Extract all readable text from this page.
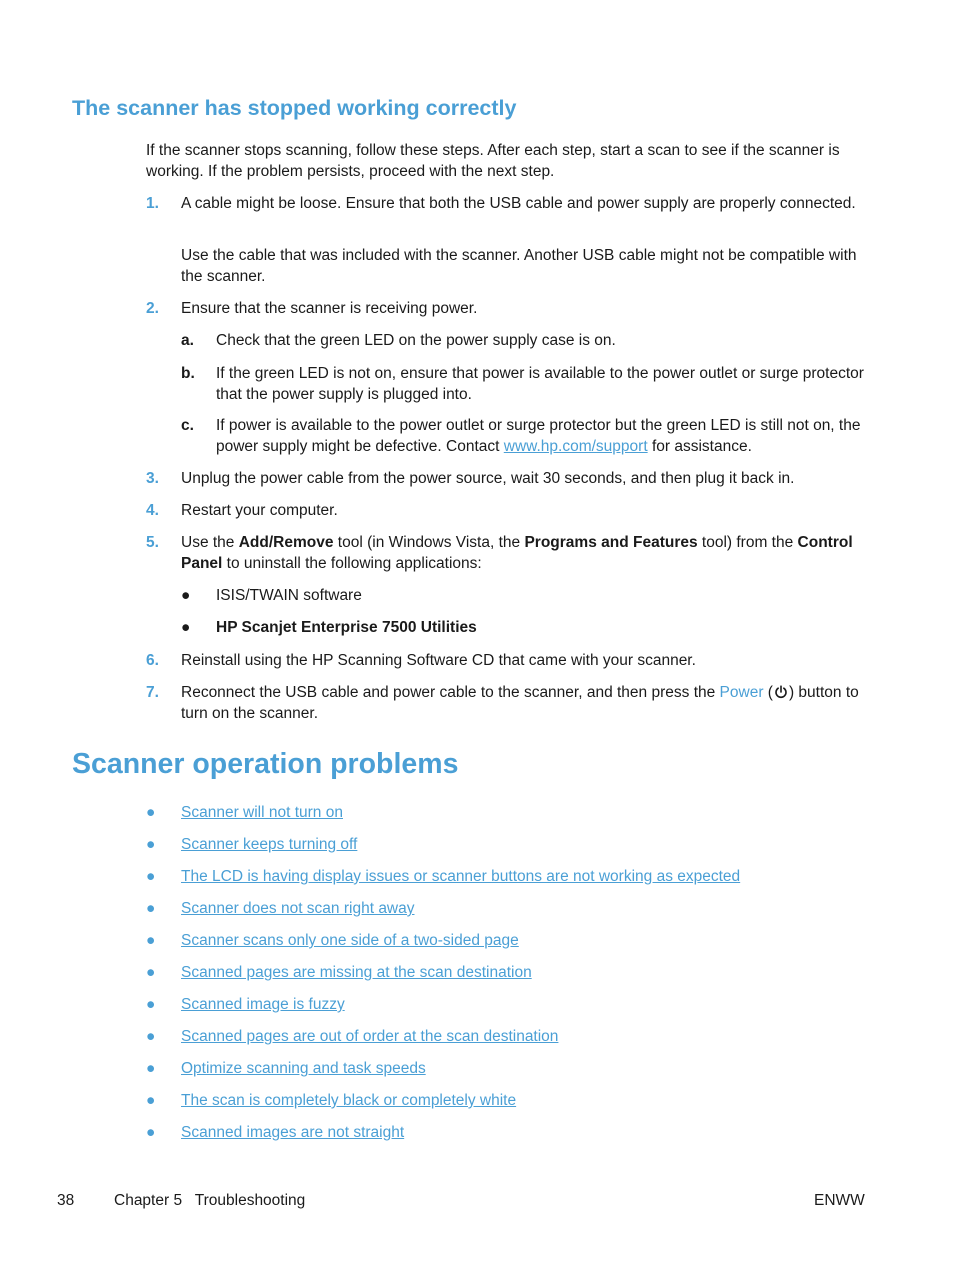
The scanner has stopped working correctly

If the scanner stops scanning, follow these steps. After each step, start a scan to see if the scanner is working. If the problem persists, proceed with the next step.

1. A cable might be loose. Ensure that both the USB cable and power supply are properly connected.

Use the cable that was included with the scanner. Another USB cable might not be compatible with the scanner.

2. Ensure that the scanner is receiving power.
a. Check that the green LED on the power supply case is on.
b. If the green LED is not on, ensure that power is available to the power outlet or surge protector that the power supply is plugged into.
c. If power is available to the power outlet or surge protector but the green LED is still not on, the power supply might be defective. Contact www.hp.com/support for assistance.
3. Unplug the power cable from the power source, wait 30 seconds, and then plug it back in.
4. Restart your computer.
5. Use the Add/Remove tool (in Windows Vista, the Programs and Features tool) from the Control Panel to uninstall the following applications:
● ISIS/TWAIN software
● HP Scanjet Enterprise 7500 Utilities
6. Reinstall using the HP Scanning Software CD that came with your scanner.
7. Reconnect the USB cable and power cable to the scanner, and then press the Power ( ) button to turn on the scanner.
Scanner operation problems
● Scanner will not turn on
● Scanner keeps turning off
● The LCD is having display issues or scanner buttons are not working as expected
● Scanner does not scan right away
● Scanner scans only one side of a two-sided page
● Scanned pages are missing at the scan destination
● Scanned image is fuzzy
● Scanned pages are out of order at the scan destination
● Optimize scanning and task speeds
● The scan is completely black or completely white
● Scanned images are not straight
38	Chapter 5   Troubleshooting	ENWW
